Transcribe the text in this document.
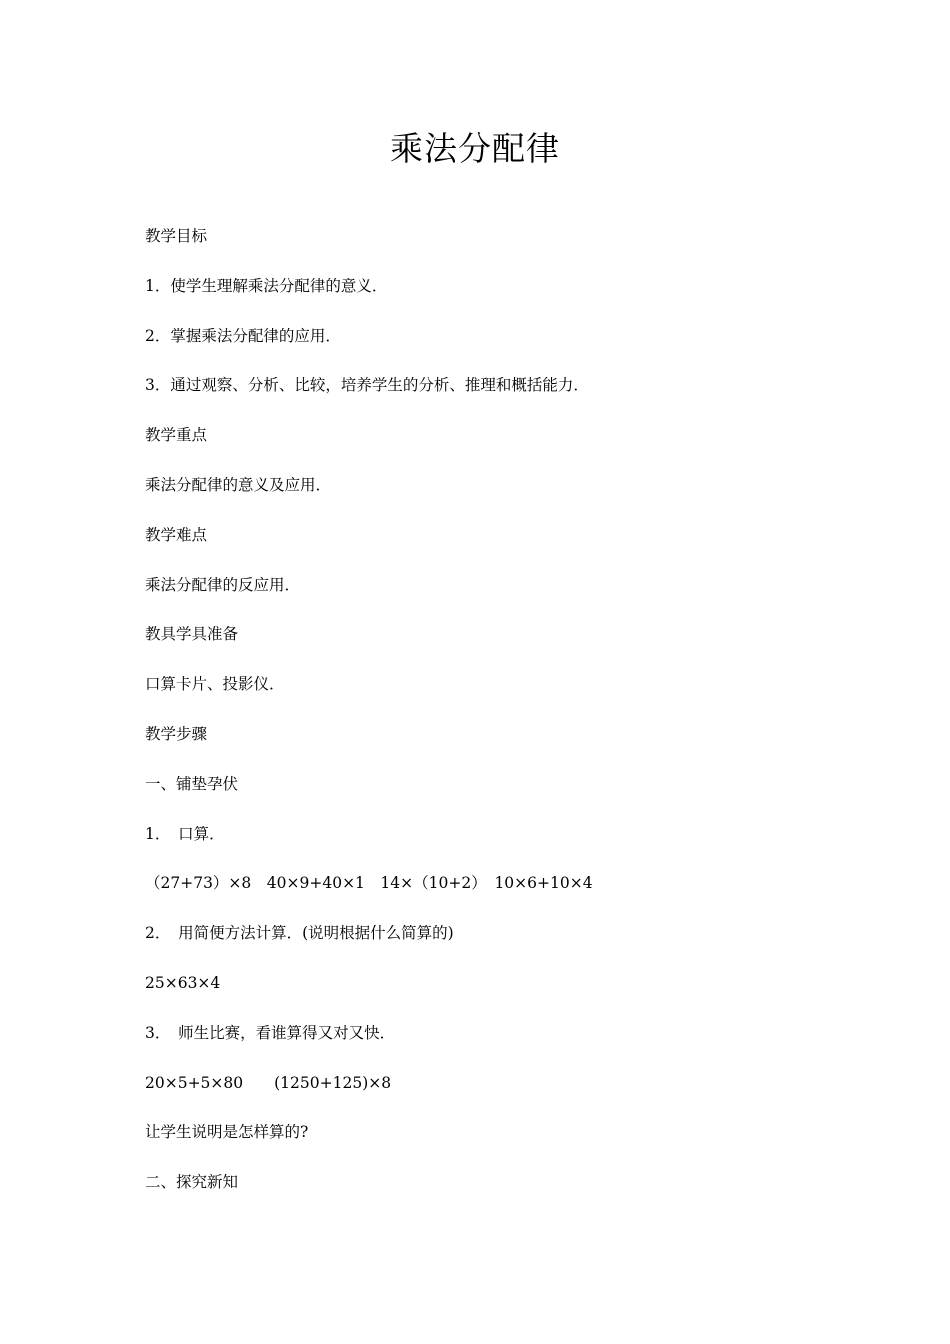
乘法分配律
教学目标
1．使学生理解乘法分配律的意义．
2．掌握乘法分配律的应用．
3．通过观察、分析、比较，培养学生的分析、推理和概括能力．
教学重点
乘法分配律的意义及应用．
教学难点
乘法分配律的反应用．
教具学具准备
口算卡片、投影仪．
教学步骤
一、铺垫孕伏
1．　口算．
（27+73）×8　40×9+40×1　14×（10+2）　10×6+10×4
2．　用简便方法计算．(说明根据什么简算的)
25×63×4
3．　师生比赛，看谁算得又对又快．
20×5+5×80　　(1250+125)×8
让学生说明是怎样算的?
二、探究新知
